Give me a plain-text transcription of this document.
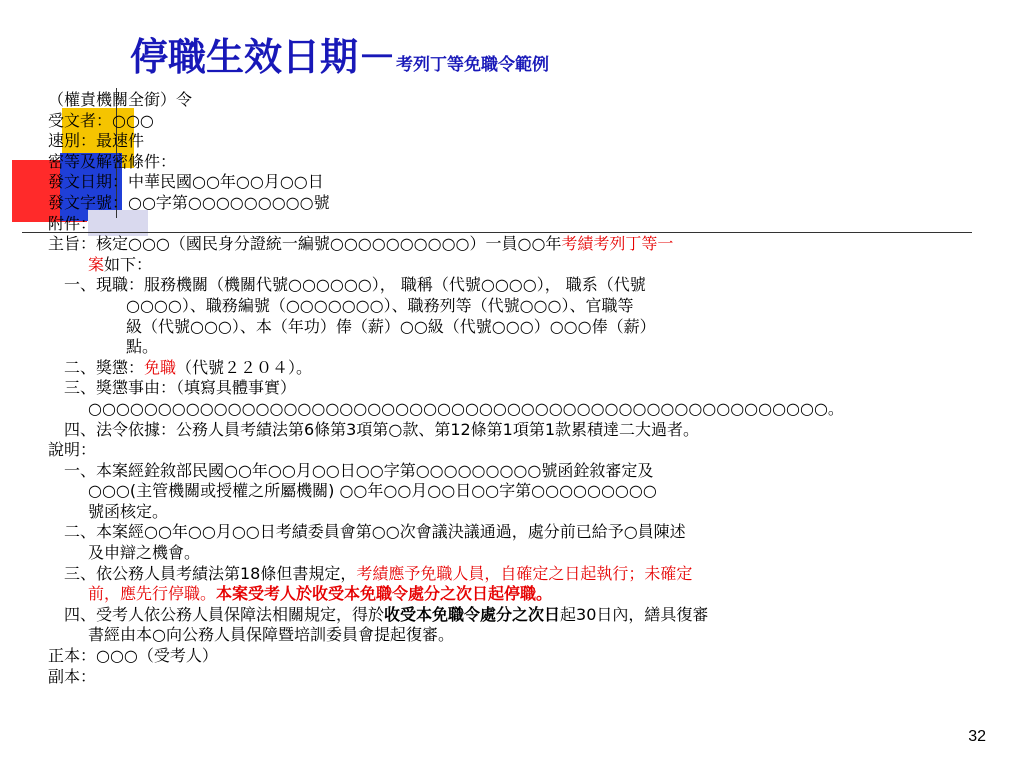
停職生效日期－考列丁等免職令範例
（權責機關全銜）令
受文者：○○○
速別：最速件
密等及解密條件：
發文日期：中華民國○○年○○月○○日
發文字號：○○字第○○○○○○○○○號
附件：
主旨：核定○○○（國民身分證統一編號○○○○○○○○○○）一員○○年考績考列丁等一
案如下：
一、現職：服務機關（機關代號○○○○○○）， 職稱（代號○○○○）， 職系（代號
○○○○）、職務編號（○○○○○○○）、職務列等（代號○○○）、官職等
級（代號○○○）、本（年功）俸（薪）○○級（代號○○○）○○○俸（薪）
點。
二、獎懲：免職（代號２２０４）。
三、獎懲事由：（填寫具體事實）
○○○○○○○○○○○○○○○○○○○○○○○○○○○○○○○○○○○○○○○○○○○○○○○○○○○○○。
四、法令依據：公務人員考績法第6條第3項第○款、第12條第1項第1款累積達二大過者。
說明：
一、本案經銓敘部民國○○年○○月○○日○○字第○○○○○○○○○號函銓敘審定及
○○○(主管機關或授權之所屬機關) ○○年○○月○○日○○字第○○○○○○○○○
號函核定。
二、本案經○○年○○月○○日考績委員會第○○次會議決議通過，處分前已給予○員陳述
及申辯之機會。
三、依公務人員考績法第18條但書規定，考績應予免職人員，自確定之日起執行；未確定
前，應先行停職。本案受考人於收受本免職令處分之次日起停職。
四、受考人依公務人員保障法相關規定，得於收受本免職令處分之次日起30日內，繕具復審
書經由本○向公務人員保障暨培訓委員會提起復審。
正本：○○○（受考人）
副本：
32
